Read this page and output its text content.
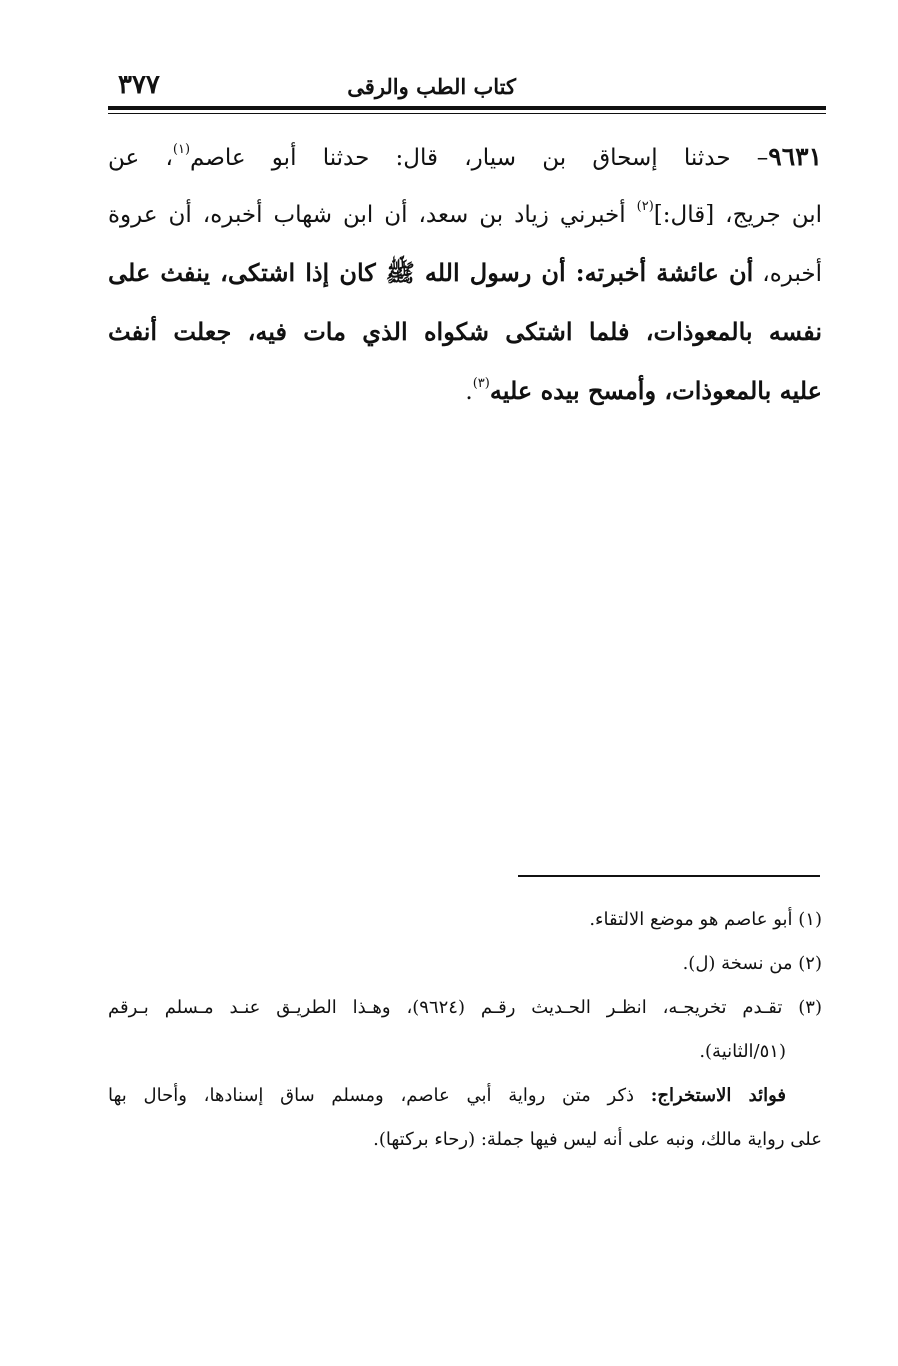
كتاب الطب والرقى
٣٧٧
٩٦٣١– حدثنا إسحاق بن سيار، قال: حدثنا أبو عاصم$^{(١)}$، عن
ابن جريج، [قال:]$^{(٢)}$ أخبرني زياد بن سعد، أن ابن شهاب أخبره، أن عروة
أخبره، أن عائشة أخبرته: أن رسول الله ﷺ كان إذا اشتكى، ينفث على
نفسه بالمعوذات، فلما اشتكى شكواه الذي مات فيه، جعلت أنفث
عليه بالمعوذات، وأمسح بيده عليه$^{(٣)}$.
(١) أبو عاصم هو موضع الالتقاء.
(٢) من نسخة (ل).
(٣) تقـدم تخريجـه، انظـر الحـديث رقـم (٩٦٢٤)، وهـذا الطريـق عنـد مـسلم بـرقم
(٥١/الثانية).
فوائد الاستخراج: ذكر متن رواية أبي عاصم، ومسلم ساق إسنادها، وأحال بها
على رواية مالك، ونبه على أنه ليس فيها جملة: (رحاء بركتها).
